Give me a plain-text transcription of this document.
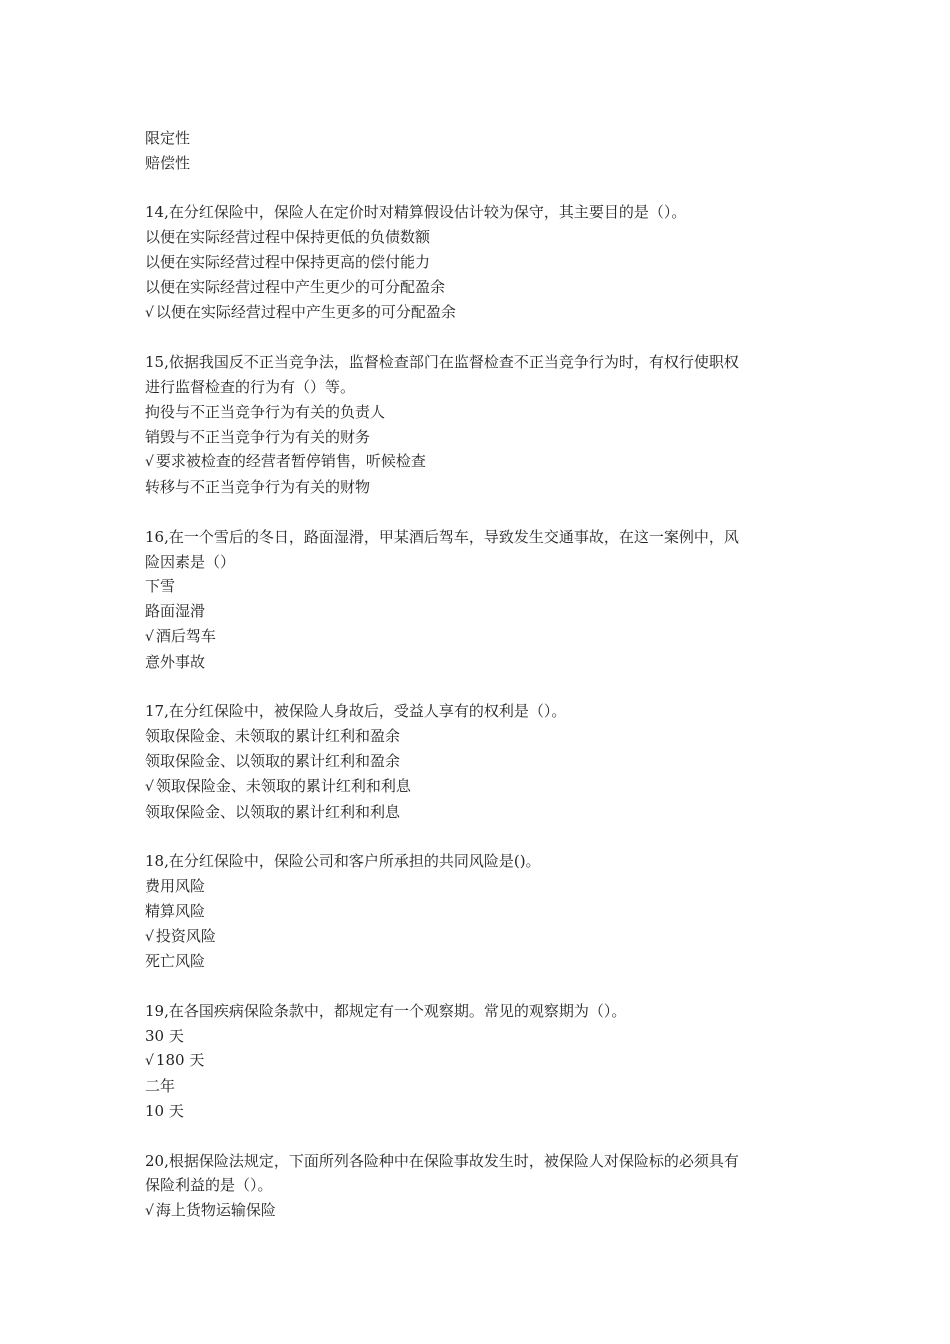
限定性
赔偿性
14,在分红保险中，保险人在定价时对精算假设估计较为保守，其主要目的是（）。
以便在实际经营过程中保持更低的负债数额
以便在实际经营过程中保持更高的偿付能力
以便在实际经营过程中产生更少的可分配盈余
√ 以便在实际经营过程中产生更多的可分配盈余
15,依据我国反不正当竞争法，监督检查部门在监督检查不正当竞争行为时，有权行使职权
进行监督检查的行为有（）等。
拘役与不正当竞争行为有关的负责人
销毁与不正当竞争行为有关的财务
√ 要求被检查的经营者暂停销售，听候检查
转移与不正当竞争行为有关的财物
16,在一个雪后的冬日，路面湿滑，甲某酒后驾车，导致发生交通事故，在这一案例中，风
险因素是（）
下雪
路面湿滑
√ 酒后驾车
意外事故
17,在分红保险中，被保险人身故后，受益人享有的权利是（）。
领取保险金、未领取的累计红利和盈余
领取保险金、以领取的累计红利和盈余
√ 领取保险金、未领取的累计红利和利息
领取保险金、以领取的累计红利和利息
18,在分红保险中，保险公司和客户所承担的共同风险是()。
费用风险
精算风险
√ 投资风险
死亡风险
19,在各国疾病保险条款中，都规定有一个观察期。常见的观察期为（）。
30 天
√ 180 天
二年
10 天
20,根据保险法规定，下面所列各险种中在保险事故发生时，被保险人对保险标的必须具有
保险利益的是（）。
√ 海上货物运输保险
